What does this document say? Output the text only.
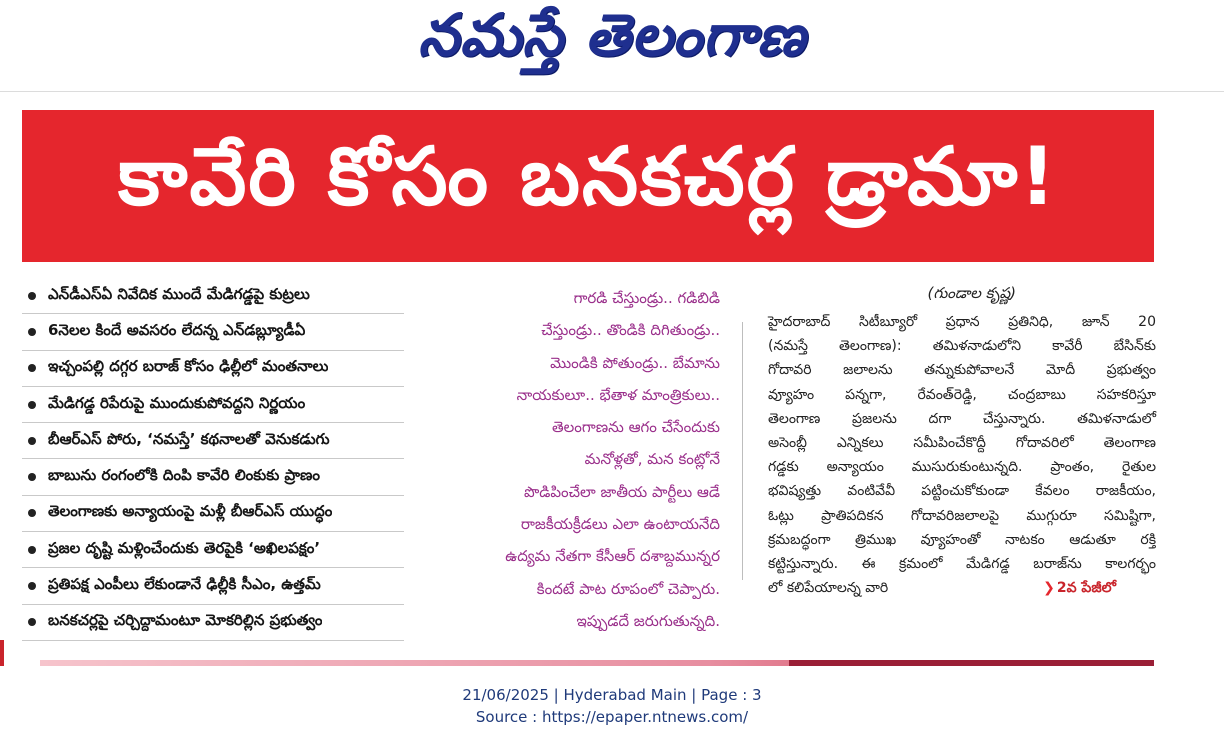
నమస్తే తెలంగాణ
కావేరి కోసం బనకచర్ల డ్రామా!
ఎన్‌డీఎస్‌ఏ నివేదిక ముందే మేడిగడ్డపై కుట్రలు
6నెలల కిందే అవసరం లేదన్న ఎన్‌డబ్ల్యూడీఏ
ఇచ్చంపల్లి దగ్గర బరాజ్ కోసం ఢిల్లీలో మంతనాలు
మేడిగడ్డ రిపేరుపై ముందుకుపోవద్దని నిర్ణయం
బీఆర్‌ఎస్ పోరు, ‘నమస్తే’ కథనాలతో వెనుకడుగు
బాబును రంగంలోకి దింపి కావేరి లింకుకు ప్రాణం
తెలంగాణకు అన్యాయంపై మళ్లీ బీఆర్‌ఎస్ యుద్ధం
ప్రజల దృష్టి మళ్లించేందుకు తెరపైకి ‘అఖిలపక్షం’
ప్రతిపక్ష ఎంపీలు లేకుండానే ఢిల్లీకి సీఎం, ఉత్తమ్
బనకచర్లపై చర్చిద్దామంటూ మోకరిల్లిన ప్రభుత్వం
గారడి చేస్తుండ్రు.. గడిబిడి
చేస్తుండ్రు.. తొండికి దిగితుండ్రు..
మొండికి పోతుండ్రు.. బేమాను
నాయకులూ.. భేతాళ మాంత్రికులు..
తెలంగాణను ఆగం చేసేందుకు
మనోళ్లతో, మన కంట్లోనే
పొడిపించేలా జాతీయ పార్టీలు ఆడే
రాజకీయక్రీడలు ఎలా ఉంటాయనేది
ఉద్యమ నేతగా కేసీఆర్ దశాబ్దమున్నర
కిందటే పాట రూపంలో చెప్పారు.
ఇప్పుడదే జరుగుతున్నది.
(గుండాల కృష్ణ)
హైదరాబాద్ సిటీబ్యూరో ప్రధాన ప్రతినిధి, జూన్ 20
(నమస్తే తెలంగాణ): తమిళనాడులోని కావేరీ బేసిన్‌కు
గోదావరి జలాలను తన్నుకుపోవాలనే మోదీ ప్రభుత్వం
వ్యూహం పన్నగా, రేవంత్‌రెడ్డి, చంద్రబాబు సహకరిస్తూ
తెలంగాణ ప్రజలను దగా చేస్తున్నారు. తమిళనాడులో
అసెంబ్లీ ఎన్నికలు సమీపించేకొద్దీ గోదావరిలో తెలంగాణ
గడ్డకు అన్యాయం ముసురుకుంటున్నది. ప్రాంతం, రైతుల
భవిష్యత్తు వంటివేవీ పట్టించుకోకుండా కేవలం రాజకీయం,
ఓట్లు ప్రాతిపదికన గోదావరిజలాలపై ముగ్గురూ సమిష్టిగా,
క్రమబద్ధంగా త్రిముఖ వ్యూహంతో నాటకం ఆడుతూ రక్తి
కట్టిస్తున్నారు. ఈ క్రమంలో మేడిగడ్డ బరాజ్‌ను కాలగర్భం
లో కలిపేయాలన్న వారి	❯ 2వ పేజీలో
21/06/2025 | Hyderabad Main | Page : 3
Source : https://epaper.ntnews.com/
